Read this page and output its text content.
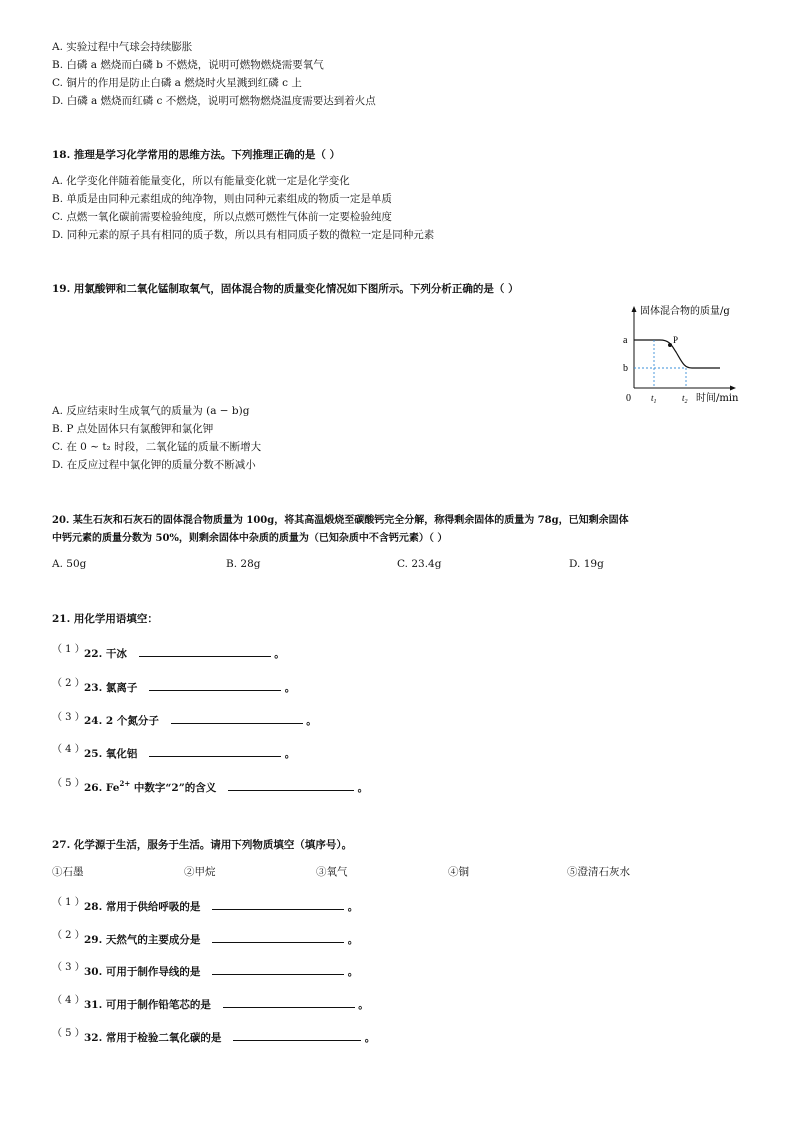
A. 实验过程中气球会持续膨胀
B. 白磷 a 燃烧而白磷 b 不燃烧，说明可燃物燃烧需要氧气
C. 铜片的作用是防止白磷 a 燃烧时火星溅到红磷 c 上
D. 白磷 a 燃烧而红磷 c 不燃烧，说明可燃物燃烧温度需要达到着火点
18. 推理是学习化学常用的思维方法。下列推理正确的是（ ）
A. 化学变化伴随着能量变化，所以有能量变化就一定是化学变化
B. 单质是由同种元素组成的纯净物，则由同种元素组成的物质一定是单质
C. 点燃一氧化碳前需要检验纯度，所以点燃可燃性气体前一定要检验纯度
D. 同种元素的原子具有相同的质子数，所以具有相同质子数的微粒一定是同种元素
19. 用氯酸钾和二氧化锰制取氧气，固体混合物的质量变化情况如下图所示。下列分析正确的是（ ）
P
固体混合物的质量/g
a
b
0 $t_1$	$t_2$ 时间/min
A. 反应结束时生成氧气的质量为 (a − b)g
B. P 点处固体只有氯酸钾和氯化钾
C. 在 0 ∼ t₂ 时段，二氧化锰的质量不断增大
D. 在反应过程中氯化钾的质量分数不断减小
20. 某生石灰和石灰石的固体混合物质量为 100g，将其高温煅烧至碳酸钙完全分解，称得剩余固体的质量为 78g，已知剩余固体
中钙元素的质量分数为 50%，则剩余固体中杂质的质量为（已知杂质中不含钙元素）（ ）
A. 50g	B. 28g	C. 23.4g	D. 19g
21. 用化学用语填空：
（ 1 ） 22. 干冰	。
（ 2 ） 23. 氯离子	。
（ 3 ） 24. 2 个氮分子	。
（ 4 ） 25. 氧化铝	。
（ 5 ） 26. $Fe^{2+}$ 中数字“2”的含义	。
27. 化学源于生活，服务于生活。请用下列物质填空（填序号）。
①石墨	②甲烷	③氧气	④铜	⑤澄清石灰水
（ 1 ） 28. 常用于供给呼吸的是	。
（ 2 ） 29. 天然气的主要成分是	。
（ 3 ） 30. 可用于制作导线的是	。
（ 4 ） 31. 可用于制作铅笔芯的是	。
（ 5 ） 32. 常用于检验二氧化碳的是	。
